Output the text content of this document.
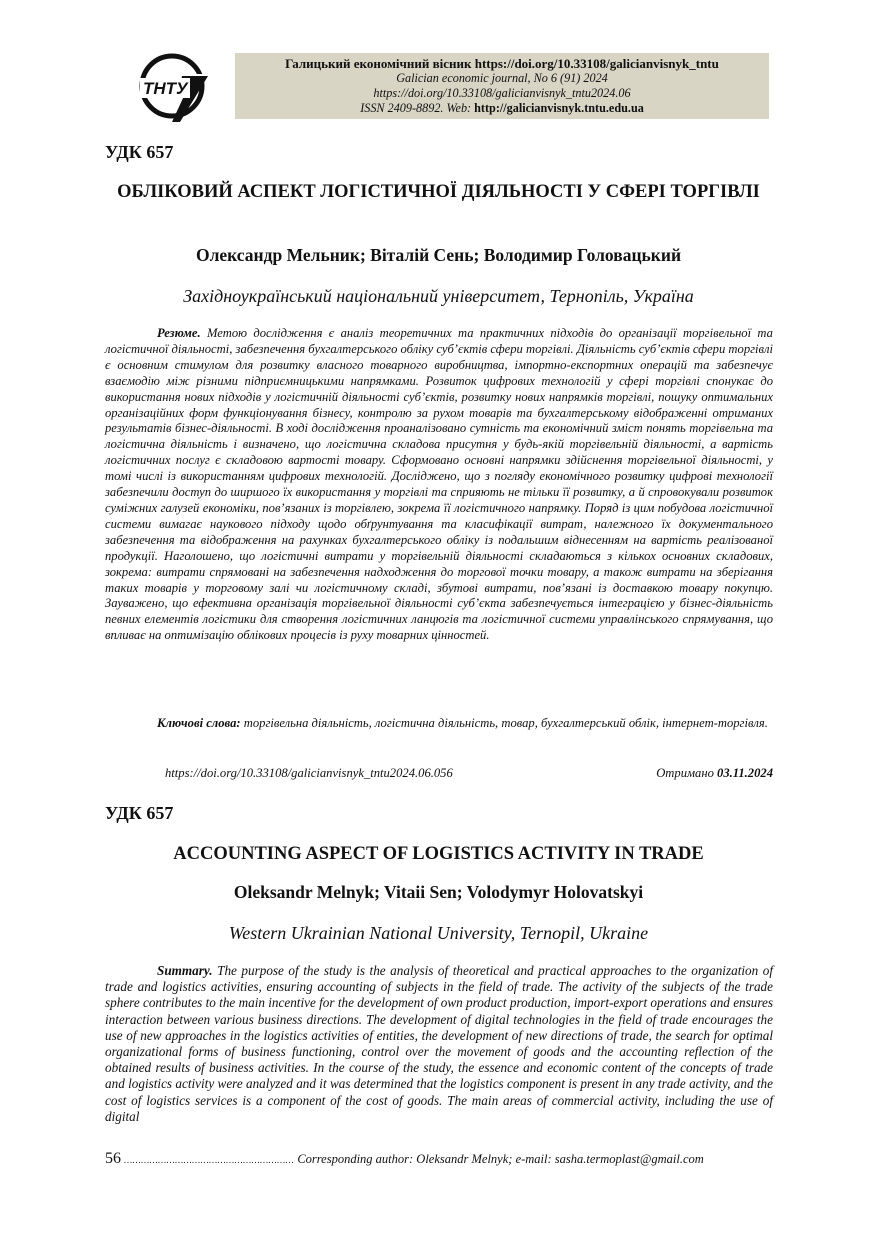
ТНТУ
Галицький економічний вісник https://doi.org/10.33108/galicianvisnyk_tntu
Galician economic journal, No 6 (91) 2024
https://doi.org/10.33108/galicianvisnyk_tntu2024.06
ISSN 2409-8892. Web: http://galicianvisnyk.tntu.edu.ua
УДК 657
ОБЛІКОВИЙ АСПЕКТ ЛОГІСТИЧНОЇ ДІЯЛЬНОСТІ У СФЕРІ ТОРГІВЛІ
Олександр Мельник; Віталій Сень; Володимир Головацький
Західноукраїнський національний університет, Тернопіль, Україна
Резюме. Метою дослідження є аналіз теоретичних та практичних підходів до організації торгівельної та логістичної діяльності, забезпечення бухгалтерського обліку суб’єктів сфери торгівлі. Діяльність суб’єктів сфери торгівлі є основним стимулом для розвитку власного товарного виробництва, імпортно-експортних операцій та забезпечує взаємодію між різними підприємницькими напрямками. Розвиток цифрових технологій у сфері торгівлі спонукає до використання нових підходів у логістичній діяльності суб’єктів, розвитку нових напрямків торгівлі, пошуку оптимальних організаційних форм функціонування бізнесу, контролю за рухом товарів та бухгалтерському відображенні отриманих результатів бізнес-діяльності. В ході дослідження проаналізовано сутність та економічний зміст понять торгівельна та логістична діяльність і визначено, що логістична складова присутня у будь-якій торгівельній діяльності, а вартість логістичних послуг є складовою вартості товару. Сформовано основні напрямки здійснення торгівельної діяльності, у томі числі із використанням цифрових технологій. Досліджено, що з погляду економічного розвитку цифрові технології забезпечили доступ до ширшого їх використання у торгівлі та сприяють не тільки її розвитку, а й спровокували розвиток суміжних галузей економіки, пов’язаних із торгівлею, зокрема її логістичного напрямку. Поряд із цим побудова логістичної системи вимагає наукового підходу щодо обґрунтування та класифікації витрат, належного їх документального забезпечення та відображення на рахунках бухгалтерського обліку із подальшим віднесенням на вартість реалізованої продукції. Наголошено, що логістичні витрати у торгівельній діяльності складаються з кількох основних складових, зокрема: витрати спрямовані на забезпечення надходження до торгової точки товару, а також витрати на зберігання таких товарів у торговому залі чи логістичному складі, збутові витрати, пов’язані із доставкою товару покупцю. Зауважено, що ефективна організація торгівельної діяльності суб’єкта забезпечується інтеграцією у бізнес-діяльність певних елементів логістики для створення логістичних ланцюгів та логістичної системи управлінського спрямування, що впливає на оптимізацію облікових процесів із руху товарних цінностей.
Ключові слова: торгівельна діяльність, логістична діяльність, товар, бухгалтерський облік, інтернет-торгівля.
https://doi.org/10.33108/galicianvisnyk_tntu2024.06.056	Отримано 03.11.2024
УДК 657
ACCOUNTING ASPECT OF LOGISTICS ACTIVITY IN TRADE
Oleksandr Melnyk; Vitaii Sen; Volodymyr Holovatskyi
Western Ukrainian National University, Ternopil, Ukraine
Summary. The purpose of the study is the analysis of theoretical and practical approaches to the organization of trade and logistics activities, ensuring accounting of subjects in the field of trade. The activity of the subjects of the trade sphere contributes to the main incentive for the development of own product production, import-export operations and ensures interaction between various business directions. The development of digital technologies in the field of trade encourages the use of new approaches in the logistics activities of entities, the development of new directions of trade, the search for optimal organizational forms of business functioning, control over the movement of goods and the accounting reflection of the obtained results of business activities. In the course of the study, the essence and economic content of the concepts of trade and logistics activity were analyzed and it was determined that the logistics component is present in any trade activity, and the cost of logistics services is a component of the cost of goods. The main areas of commercial activity, including the use of digital
56 …………………………………………………… Corresponding author: Oleksandr Melnyk; e-mail: sasha.termoplast@gmail.com
